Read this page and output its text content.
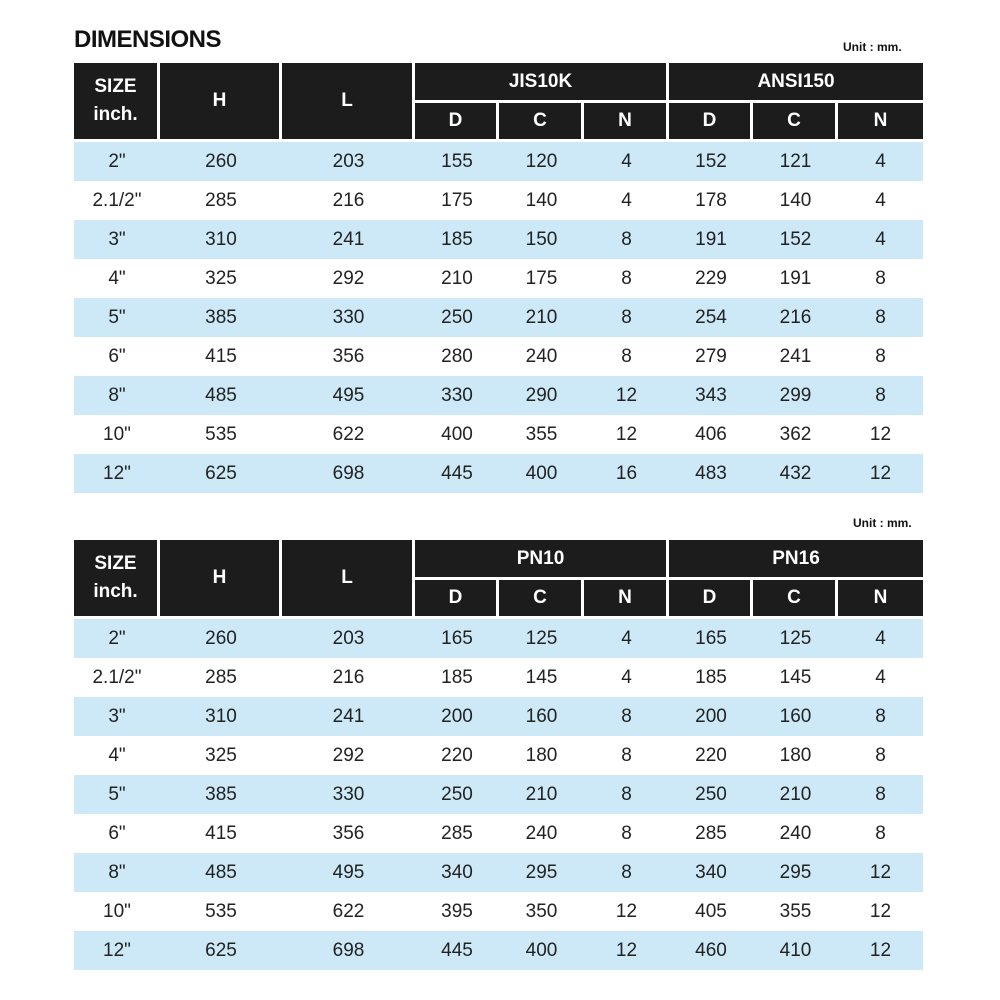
DIMENSIONS	Unit : mm.
SIZE
inch.
H	L
JIS10K	ANSI150
D	C	N	D	C	N
2"	260	203	155	120	4	152	121	4
2.1/2"	285	216	175	140	4	178	140	4
3"	310	241	185	150	8	191	152	4
4"	325	292	210	175	8	229	191	8
5"	385	330	250	210	8	254	216	8
6"	415	356	280	240	8	279	241	8
8"	485	495	330	290	12	343	299	8
10"	535	622	400	355	12	406	362	12
12"	625	698	445	400	16	483	432	12
Unit : mm.
SIZE
inch.
H	L
PN10	PN16
D	C	N	D	C	N
2"	260	203	165	125	4	165	125	4
2.1/2"	285	216	185	145	4	185	145	4
3"	310	241	200	160	8	200	160	8
4"	325	292	220	180	8	220	180	8
5"	385	330	250	210	8	250	210	8
6"	415	356	285	240	8	285	240	8
8"	485	495	340	295	8	340	295	12
10"	535	622	395	350	12	405	355	12
12"	625	698	445	400	12	460	410	12
